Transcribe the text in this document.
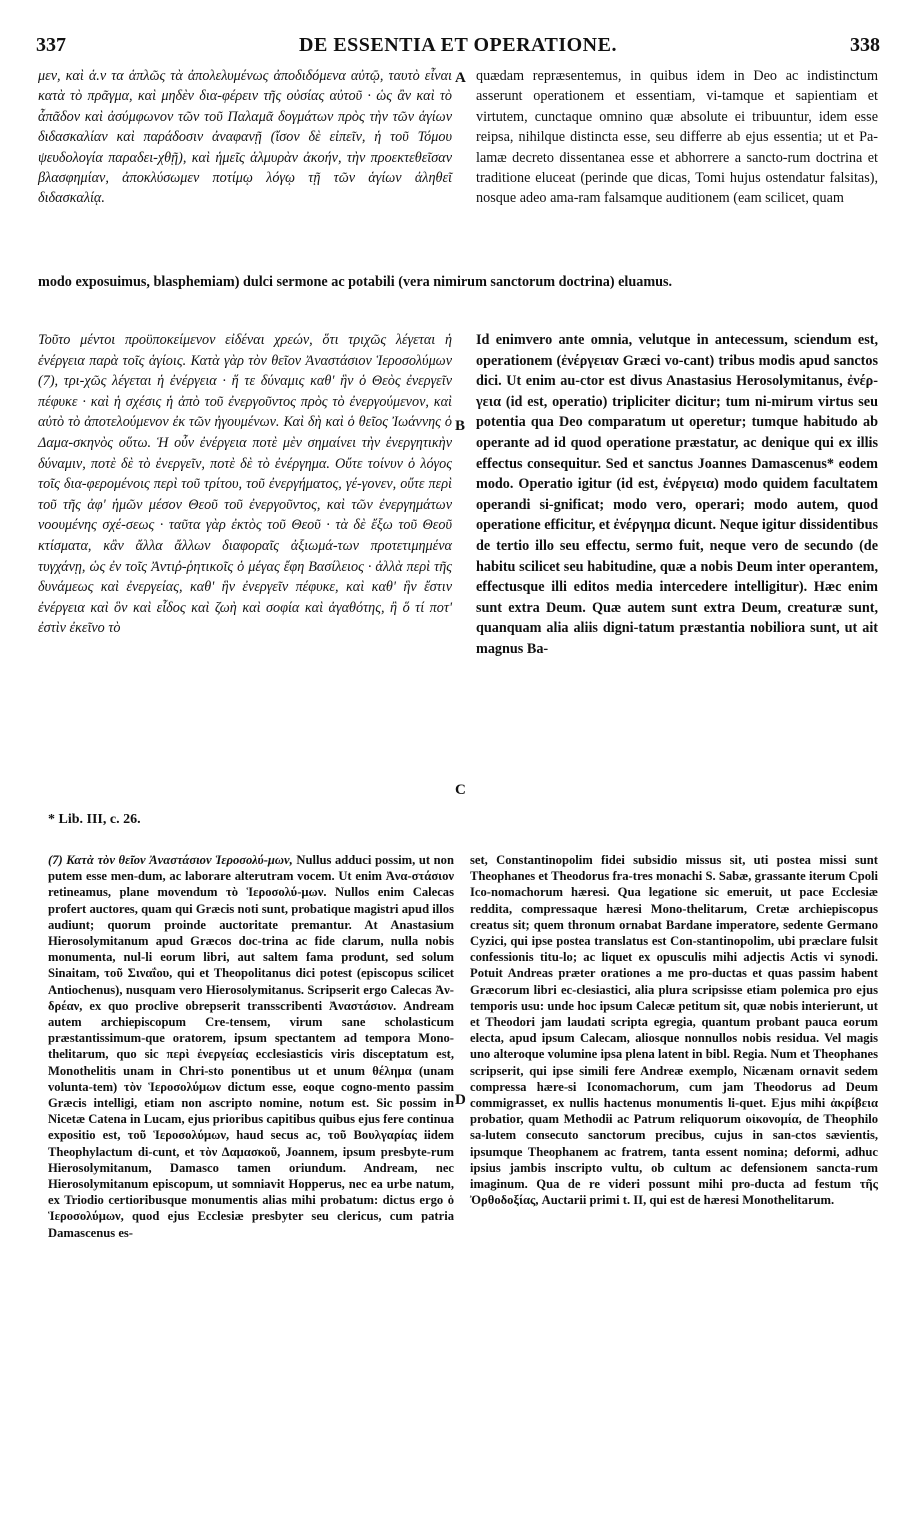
337	DE ESSENTIA ET OPERATIONE.	338
A
B
C
D

μεν, καὶ ἁ.ν τα ἁπλῶς τὰ ἀπολελυμένως ἀποδιδόμενα αὐτῷ, ταυτὸ εἶναι κατὰ τὸ πρᾶγμα, καὶ μηδὲν δια-φέρειν τῆς οὐσίας αὐτοῦ · ὡς ἂν καὶ τὸ ἆπᾶδον καὶ ἀσύμφωνον τῶν τοῦ Παλαμᾶ δογμάτων πρὸς τὴν τῶν ἁγίων διδασκαλίαν καὶ παράδοσιν ἀναφανῇ (ἴσον δὲ εἰπεῖν, ἡ τοῦ Τόμου ψευδολογία παραδει-χθῇ), καὶ ἡμεῖς ἁλμυρὰν ἀκοήν, τὴν προεκτεθεῖσαν βλασφημίαν, ἀποκλύσωμεν ποτίμῳ λόγῳ τῇ τῶν ἁγίων ἀληθεῖ διδασκαλίᾳ.

quædam repræsentemus, in quibus idem in Deo ac indistinctum asserunt operationem et essentiam, vi-tamque et sapientiam et virtutem, cunctaque omnino quæ absolute ei tribuuntur, idem esse reipsa, nihilque distincta esse, seu differre ab ejus essentia; ut et Pa-lamæ decreto dissentanea esse et abhorrere a sancto-rum doctrina et traditione eluceat (perinde que dicas, Tomi hujus ostendatur falsitas), nosque adeo ama-ram falsamque auditionem (eam scilicet, quam

modo exposuimus, blasphemiam) dulci sermone ac potabili (vera nimirum sanctorum doctrina) eluamus.

Τοῦτο μέντοι προϋποκείμενον εἰδέναι χρεών, ὅτι τριχῶς λέγεται ἡ ἐνέργεια παρὰ τοῖς ἁγίοις. Κατὰ γὰρ τὸν θεῖον Ἀναστάσιον Ἱεροσολύμων (7), τρι-χῶς λέγεται ἡ ἐνέργεια · ἥ τε δύναμις καθ' ἣν ὁ Θεὸς ἐνεργεῖν πέφυκε · καὶ ἡ σχέσις ἡ ἀπὸ τοῦ ἐνεργοῦντος πρὸς τὸ ἐνεργούμενον, καὶ αὐτὸ τὸ ἀποτελούμενον ἐκ τῶν ἠγουμένων. Καὶ δὴ καὶ ὁ θεῖος Ἰωάννης ὁ Δαμα-σκηνὸς οὕτω. Ἡ οὖν ἐνέργεια ποτὲ μὲν σημαίνει τὴν ἐνεργητικὴν δύναμιν, ποτὲ δὲ τὸ ἐνεργεῖν, ποτὲ δὲ τὸ ἐνέργημα. Οὔτε τοίνυν ὁ λόγος τοῖς δια-φερομένοις περὶ τοῦ τρίτου, τοῦ ἐνεργήματος, γέ-γονεν, οὔτε περὶ τοῦ τῆς ἀφ' ἡμῶν μέσον Θεοῦ τοῦ ἐνεργοῦντος, καὶ τῶν ἐνεργημάτων νοουμένης σχέ-σεως · ταῦτα γὰρ ἐκτὸς τοῦ Θεοῦ · τὰ δὲ ἔξω τοῦ Θεοῦ κτίσματα, κἂν ἄλλα ἄλλων διαφοραῖς ἀξιωμά-των προτετιμημένα τυγχάνῃ, ὡς ἐν τοῖς Ἀντιῤ-ῥητικοῖς ὁ μέγας ἔφη Βασίλειος · ἀλλὰ περὶ τῆς δυνάμεως καὶ ἐνεργείας, καθ' ἣν ἐνεργεῖν πέφυκε, καὶ καθ' ἣν ἔστιν ἐνέργεια καὶ ὃν καὶ εἶδος καὶ ζωὴ καὶ σοφία καὶ ἀγαθότης, ἢ ὅ τί ποτ' ἐστὶν ἐκεῖνο τὸ

Id enimvero ante omnia, velutque in antecessum, sciendum est, operationem (ἐνέργειαν Græci vo-cant) tribus modis apud sanctos dici. Ut enim au-ctor est divus Anastasius Herosolymitanus, ἐνέρ-γεια (id est, operatio) tripliciter dicitur; tum ni-mirum virtus seu potentia qua Deo comparatum ut operetur; tumque habitudo ab operante ad id quod operatione præstatur, ac denique qui ex illis effectus consequitur. Sed et sanctus Joannes Damascenus* eodem modo. Operatio igitur (id est, ἐνέργεια) modo quidem facultatem operandi si-gnificat; modo vero, operari; modo autem, quod operatione efficitur, et ἐνέργημα dicunt. Neque igitur dissidentibus de tertio illo seu effectu, sermo fuit, neque vero de secundo (de habitu scilicet seu habitudine, quæ a nobis Deum inter operantem, effectusque illi editos media intercedere intelligitur). Hæc enim sunt extra Deum. Quæ autem sunt extra Deum, creaturæ sunt, quanquam alia aliis digni-tatum præstantia nobiliora sunt, ut ait magnus Ba-

* Lib. III, c. 26.

(7) Κατὰ τὸν θεῖον Ἀναστάσιον Ἱεροσολύ-μων, Nullus adduci possim, ut non putem esse men-dum, ac laborare alterutram vocem. Ut enim Ἀνα-στάσιον retineamus, plane movendum τὸ Ἱεροσολύ-μων. Nullos enim Calecas profert auctores, quam qui Græcis noti sunt, probatique magistri apud illos audiunt; quorum proinde auctoritate premantur. At Anastasium Hierosolymitanum apud Græcos doc-trina ac fide clarum, nulla nobis monumenta, nul-li eorum libri, aut saltem fama produnt, sed solum Sinaitam, τοῦ Σιναΐου, qui et Theopolitanus dici potest (episcopus scilicet Antiochenus), nusquam vero Hierosolymitanus. Scripserit ergo Calecas Ἀν-δρέαν, ex quo proclive obrepserit transscribenti Ἀναστάσιον. Andream autem archiepiscopum Cre-tensem, virum sane scholasticum præstantissimum-que oratorem, ipsum spectantem ad tempora Mono-thelitarum, quo sic περὶ ἐνεργείας ecclesiasticis viris disceptatum est, Monothelitis unam in Chri-sto ponentibus ut et unum θέλημα (unam volunta-tem) τὸν Ἱεροσολύμων dictum esse, eoque cogno-mento passim Græcis intelligi, etiam non ascripto nomine, notum est. Sic possim in Nicetæ Catena in Lucam, ejus prioribus capitibus quibus ejus fere continua expositio est, τοῦ Ἱεροσολύμων, haud secus ac, τοῦ Βουλγαρίας iidem Theophylactum di-cunt, et τὸν Δαμασκοῦ, Joannem, ipsum presbyte-rum Hierosolymitanum, Damasco tamen oriundum. Andream, nec Hierosolymitanum episcopum, ut somniavit Hopperus, nec ea urbe natum, ex Triodio certioribusque monumentis alias mihi probatum: dictus ergo ὁ Ἱεροσολύμων, quod ejus Ecclesiæ presbyter seu clericus, cum patria Damascenus es-

set, Constantinopolim fidei subsidio missus sit, uti postea missi sunt Theophanes et Theodorus fra-tres monachi S. Sabæ, grassante iterum Cpoli Ico-nomachorum hæresi. Qua legatione sic emeruit, ut pace Ecclesiæ reddita, compressaque hæresi Mono-thelitarum, Cretæ archiepiscopus creatus sit; quem thronum ornabat Bardane imperatore, sedente Germano Cyzici, qui ipse postea translatus est Con-stantinopolim, ubi præclare fulsit confessionis titu-lo; ac liquet ex opusculis mihi adjectis Actis vi synodi. Potuit Andreas præter orationes a me pro-ductas et quas passim habent Græcorum libri ec-clesiastici, alia plura scripsisse etiam polemica pro ejus temporis usu: unde hoc ipsum Calecæ petitum sit, quæ nobis interierunt, ut et Theodori jam laudati scripta egregia, quantum probant pauca eorum electa, apud ipsum Calecam, aliosque nonnullos nobis residua. Vel magis uno alteroque volumine ipsa plena latent in bibl. Regia. Num et Theophanes scripserit, qui ipse simili fere Andreæ exemplo, Nicænam ornavit sedem compressa hære-si Iconomachorum, cum jam Theodorus ad Deum commigrasset, ex nullis hactenus monumentis li-quet. Ejus mihi ἀκρίβεια probatior, quam Methodii ac Patrum reliquorum οἰκονομία, de Theophilo sa-lutem consecuto sanctorum precibus, cujus in san-ctos sævientis, ipsumque Theophanem ac fratrem, tanta essent nomina; deformi, adhuc ipsius jambis inscripto vultu, ob cultum ac defensionem sancta-rum imaginum. Qua de re videri possunt mihi pro-ducta ad festum τῆς Ὀρθοδοξίας, Auctarii primi t. II, qui est de hæresi Monothelitarum.
